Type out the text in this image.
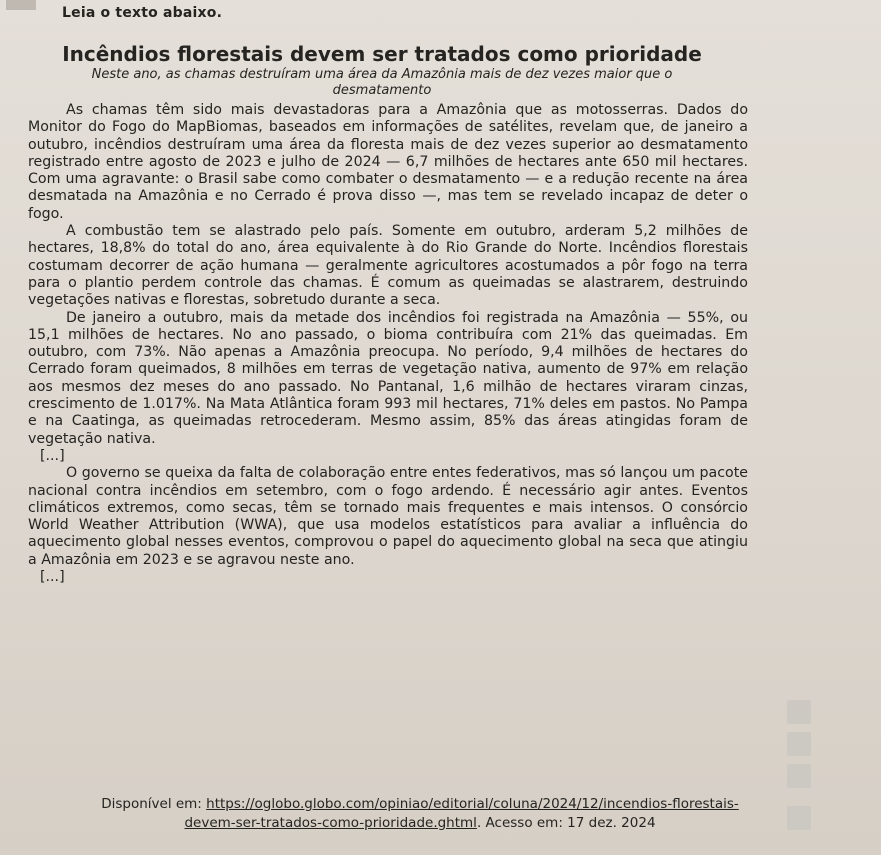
Leia o texto abaixo.
Incêndios florestais devem ser tratados como prioridade
Neste ano, as chamas destruíram uma área da Amazônia mais de dez vezes maior que o desmatamento

As chamas têm sido mais devastadoras para a Amazônia que as motosserras. Dados do Monitor do Fogo do MapBiomas, baseados em informações de satélites, revelam que, de janeiro a outubro, incêndios destruíram uma área da floresta mais de dez vezes superior ao desmatamento registrado entre agosto de 2023 e julho de 2024 — 6,7 milhões de hectares ante 650 mil hectares. Com uma agravante: o Brasil sabe como combater o desmatamento — e a redução recente na área desmatada na Amazônia e no Cerrado é prova disso —, mas tem se revelado incapaz de deter o fogo.

A combustão tem se alastrado pelo país. Somente em outubro, arderam 5,2 milhões de hectares, 18,8% do total do ano, área equivalente à do Rio Grande do Norte. Incêndios florestais costumam decorrer de ação humana — geralmente agricultores acostumados a pôr fogo na terra para o plantio perdem controle das chamas. É comum as queimadas se alastrarem, destruindo vegetações nativas e florestas, sobretudo durante a seca.

De janeiro a outubro, mais da metade dos incêndios foi registrada na Amazônia — 55%, ou 15,1 milhões de hectares. No ano passado, o bioma contribuíra com 21% das queimadas. Em outubro, com 73%. Não apenas a Amazônia preocupa. No período, 9,4 milhões de hectares do Cerrado foram queimados, 8 milhões em terras de vegetação nativa, aumento de 97% em relação aos mesmos dez meses do ano passado. No Pantanal, 1,6 milhão de hectares viraram cinzas, crescimento de 1.017%. Na Mata Atlântica foram 993 mil hectares, 71% deles em pastos. No Pampa e na Caatinga, as queimadas retrocederam. Mesmo assim, 85% das áreas atingidas foram de vegetação nativa.

[...]

O governo se queixa da falta de colaboração entre entes federativos, mas só lançou um pacote nacional contra incêndios em setembro, com o fogo ardendo. É necessário agir antes. Eventos climáticos extremos, como secas, têm se tornado mais frequentes e mais intensos. O consórcio World Weather Attribution (WWA), que usa modelos estatísticos para avaliar a influência do aquecimento global nesses eventos, comprovou o papel do aquecimento global na seca que atingiu a Amazônia em 2023 e se agravou neste ano.

[...]

Disponível em: https://oglobo.globo.com/opiniao/editorial/coluna/2024/12/incendios-florestais-devem-ser-tratados-como-prioridade.ghtml. Acesso em: 17 dez. 2024
